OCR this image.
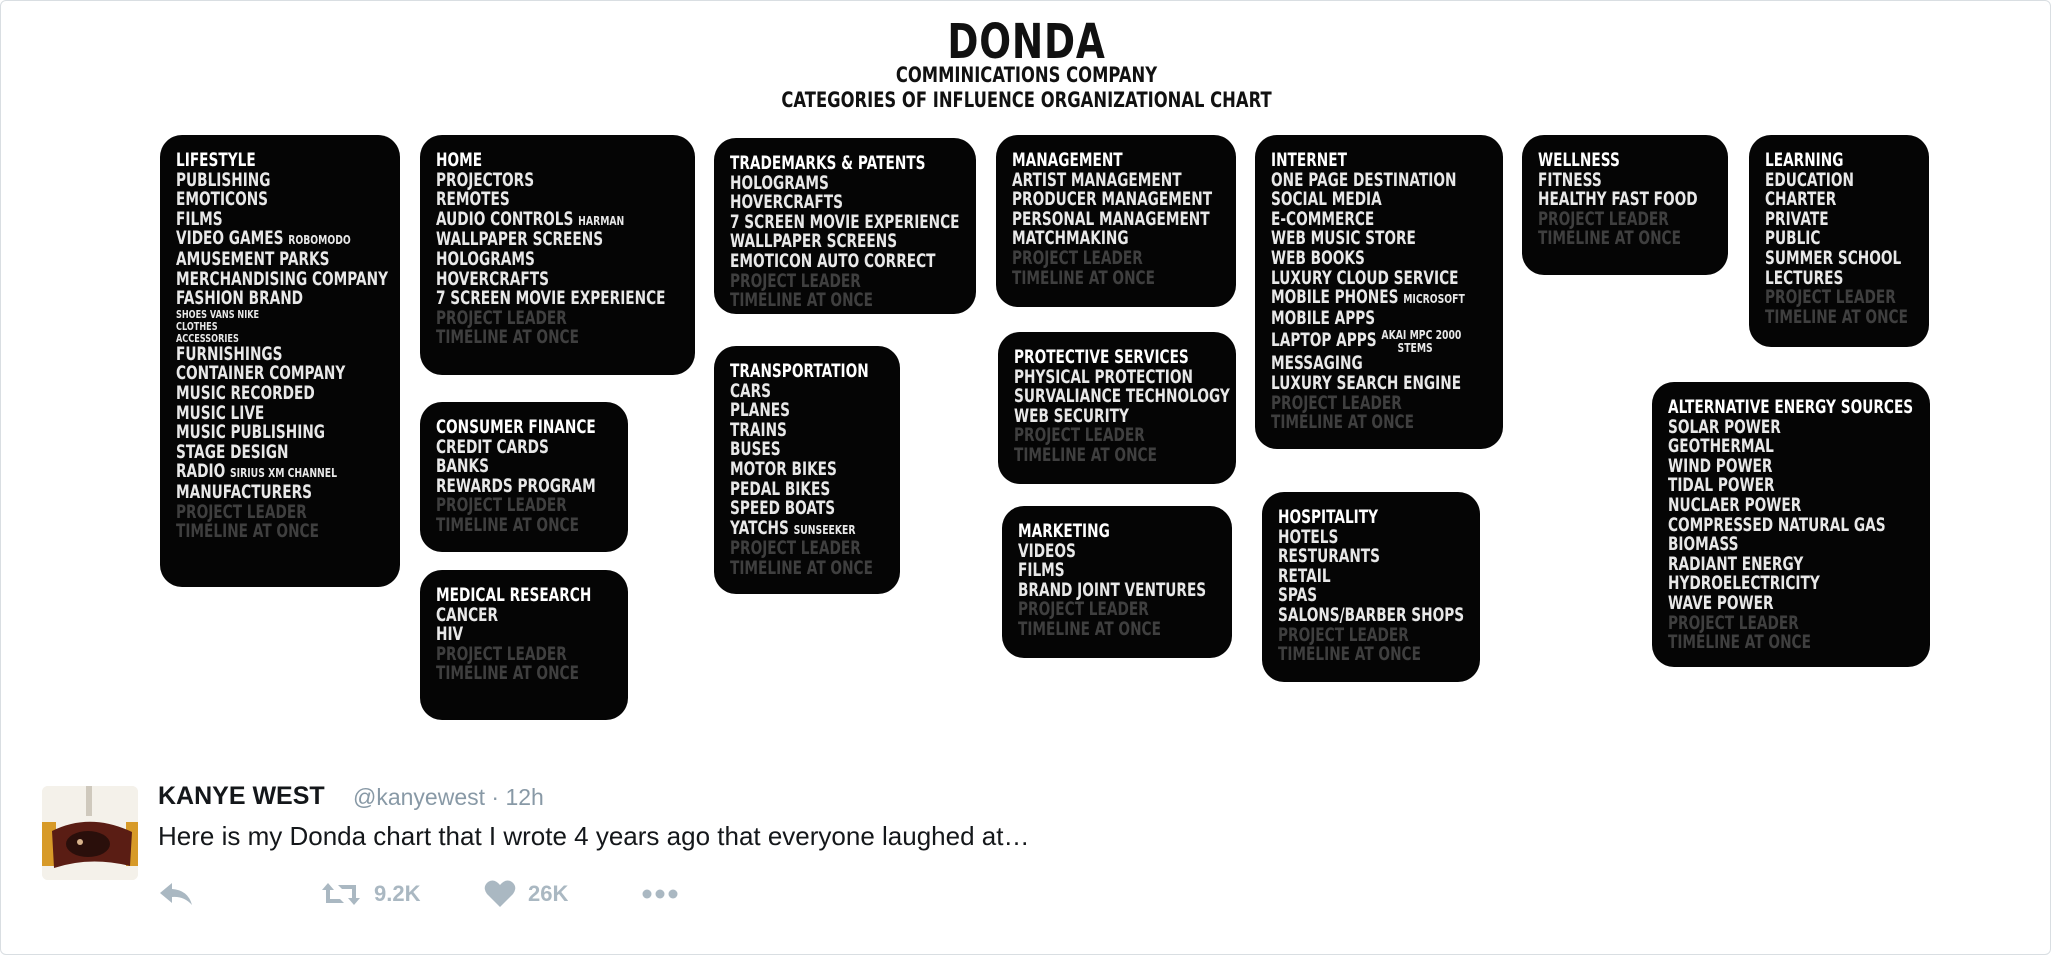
DONDA
COMMINICATIONS COMPANY
CATEGORIES OF INFLUENCE ORGANIZATIONAL CHART
LIFESTYLE
PUBLISHING
EMOTICONS
FILMS
VIDEO GAMES ROBOMODO
AMUSEMENT PARKS
MERCHANDISING COMPANY
FASHION BRAND
SHOES VANS NIKE
CLOTHES
ACCESSORIES
FURNISHINGS
CONTAINER COMPANY
MUSIC RECORDED
MUSIC LIVE
MUSIC PUBLISHING
STAGE DESIGN
RADIO SIRIUS XM CHANNEL
MANUFACTURERS
PROJECT LEADER
TIMELINE AT ONCE
HOME
PROJECTORS
REMOTES
AUDIO CONTROLS HARMAN
WALLPAPER SCREENS
HOLOGRAMS
HOVERCRAFTS
7 SCREEN MOVIE EXPERIENCE
PROJECT LEADER
TIMELINE AT ONCE
CONSUMER FINANCE
CREDIT CARDS
BANKS
REWARDS PROGRAM
PROJECT LEADER
TIMELINE AT ONCE
MEDICAL RESEARCH
CANCER
HIV
PROJECT LEADER
TIMELINE AT ONCE
TRADEMARKS & PATENTS
HOLOGRAMS
HOVERCRAFTS
7 SCREEN MOVIE EXPERIENCE
WALLPAPER SCREENS
EMOTICON AUTO CORRECT
PROJECT LEADER
TIMELINE AT ONCE
TRANSPORTATION
CARS
PLANES
TRAINS
BUSES
MOTOR BIKES
PEDAL BIKES
SPEED BOATS
YATCHS SUNSEEKER
PROJECT LEADER
TIMELINE AT ONCE
MANAGEMENT
ARTIST MANAGEMENT
PRODUCER MANAGEMENT
PERSONAL MANAGEMENT
MATCHMAKING
PROJECT LEADER
TIMELINE AT ONCE
PROTECTIVE SERVICES
PHYSICAL PROTECTION
SURVALIANCE TECHNOLOGY
WEB SECURITY
PROJECT LEADER
TIMELINE AT ONCE
MARKETING
VIDEOS
FILMS
BRAND JOINT VENTURES
PROJECT LEADER
TIMELINE AT ONCE
INTERNET
ONE PAGE DESTINATION
SOCIAL MEDIA
E-COMMERCE
WEB MUSIC STORE
WEB BOOKS
LUXURY CLOUD SERVICE
MOBILE PHONES MICROSOFT
MOBILE APPS
LAPTOP APPS AKAI MPC 2000
STEMS
MESSAGING
LUXURY SEARCH ENGINE
PROJECT LEADER
TIMELINE AT ONCE
HOSPITALITY
HOTELS
RESTURANTS
RETAIL
SPAS
SALONS/BARBER SHOPS
PROJECT LEADER
TIMELINE AT ONCE
WELLNESS
FITNESS
HEALTHY FAST FOOD
PROJECT LEADER
TIMELINE AT ONCE
LEARNING
EDUCATION
CHARTER
PRIVATE
PUBLIC
SUMMER SCHOOL
LECTURES
PROJECT LEADER
TIMELINE AT ONCE
ALTERNATIVE ENERGY SOURCES
SOLAR POWER
GEOTHERMAL
WIND POWER
TIDAL POWER
NUCLAER POWER
COMPRESSED NATURAL GAS
BIOMASS
RADIANT ENERGY
HYDROELECTRICITY
WAVE POWER
PROJECT LEADER
TIMELINE AT ONCE
KANYE WEST @kanyewest · 12h
Here is my Donda chart that I wrote 4 years ago that everyone laughed at…
9.2K	26K
